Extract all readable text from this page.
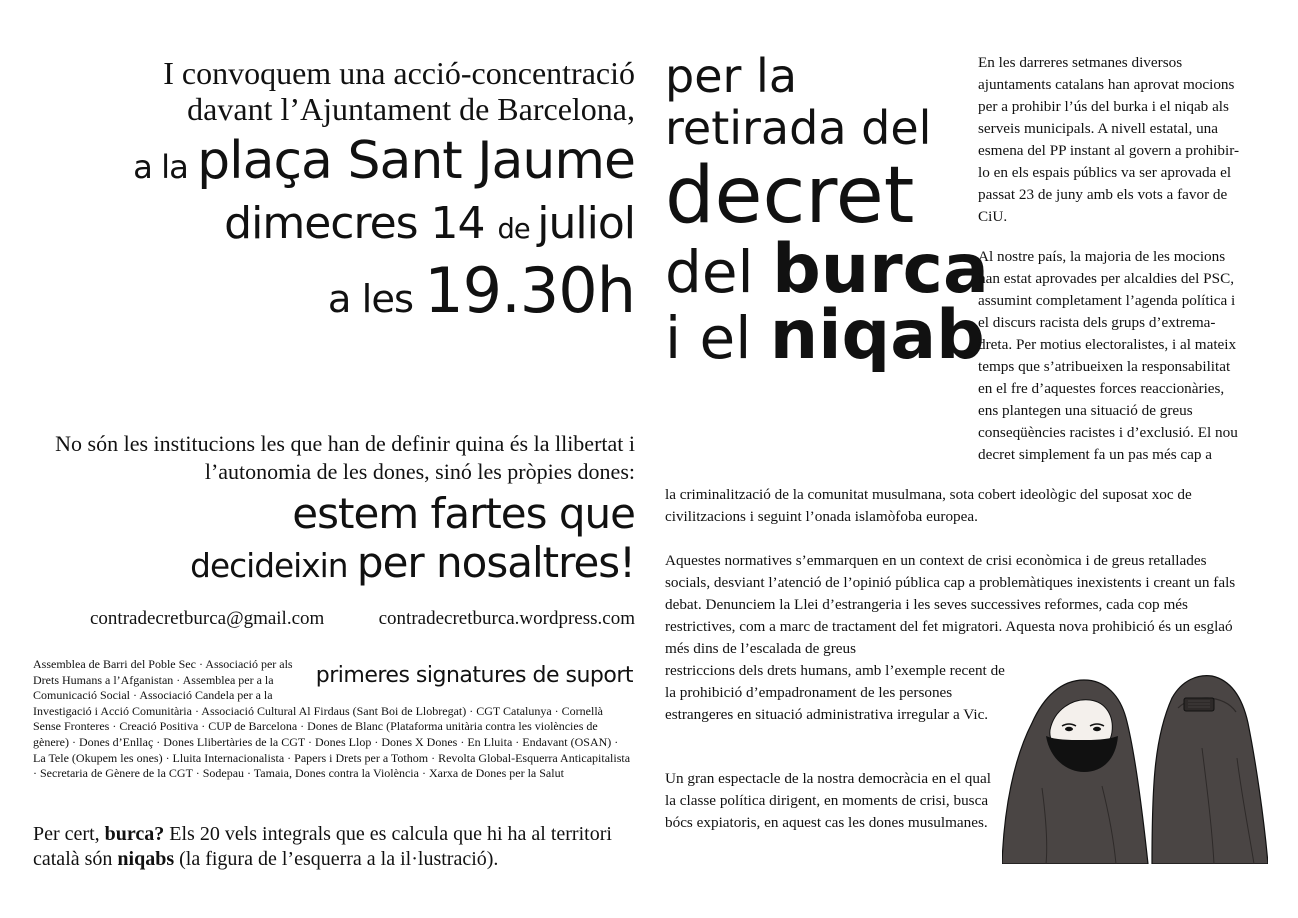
I convoquem una acció-concentració
davant l’Ajuntament de Barcelona,
a la plaça Sant Jaume
dimecres 14 de juliol
a les 19.30h
No són les institucions les que han de definir quina és la llibertat i
l’autonomia de les dones, sinó les pròpies dones:
estem fartes que
decideixin per nosaltres!
contradecretburca@gmail.com	contradecretburca.wordpress.com
primeres signatures de suport
Assemblea de Barri del Poble Sec · Associació per als Drets Humans a l’Afganistan · Assemblea per a la Comunicació Social · Associació Candela per a la Investigació i Acció Comunitària · Associació Cultural Al Firdaus (Sant Boi de Llobregat) · CGT Catalunya · Cornellà Sense Fronteres · Creació Positiva · CUP de Barcelona · Dones de Blanc (Plataforma unitària contra les violències de gènere) · Dones d’Enllaç · Dones Llibertàries de la CGT · Dones Llop · Dones X Dones · En Lluita · Endavant (OSAN) · La Tele (Okupem les ones) · Lluita Internacionalista · Papers i Drets per a Tothom · Revolta Global-Esquerra Anticapitalista · Secretaria de Gènere de la CGT · Sodepau · Tamaia, Dones contra la Violència · Xarxa de Dones per la Salut
Per cert, burca? Els 20 vels integrals que es calcula que hi ha al territori català són niqabs (la figura de l’esquerra a la il·lustració).
per la
retirada del
decret
del burca
i el niqab
En les darreres setmanes diversos ajuntaments catalans han aprovat mocions per a prohibir l’ús del burka i el niqab als serveis municipals. A nivell estatal, una esmena del PP instant al govern a prohibir-lo en els espais públics va ser aprovada el passat 23 de juny amb els vots a favor de CiU.
Al nostre país, la majoria de les mocions han estat aprovades per alcaldies del PSC, assumint completament l’agenda política i el discurs racista dels grups d’extrema-dreta. Per motius electoralistes, i al mateix temps que s’atribueixen la responsabilitat en el fre d’aquestes forces reaccionàries, ens plantegen una situació de greus conseqüències racistes i d’exclusió. El nou decret simplement fa un pas més cap a
la criminalització de la comunitat musulmana, sota cobert ideològic del suposat xoc de civilitzacions i seguint l’onada islamòfoba europea.
Aquestes normatives s’emmarquen en un context de crisi econòmica i de greus retallades socials, desviant l’atenció de l’opinió pública cap a problemàtiques inexistents i creant un fals debat. Denunciem la Llei d’estrangeria i les seves successives reformes, cada cop més restrictives, com a marc de tractament del fet migratori. Aquesta nova prohibició és un esglaó més dins de l’escalada de greus
restriccions dels drets humans, amb l’exemple recent de la prohibició d’empadronament de les persones estrangeres en situació administrativa irregular a Vic.
Un gran espectacle de la nostra democràcia en el qual la classe política dirigent, en moments de crisi, busca bócs expiatoris, en aquest cas les dones musulmanes.
